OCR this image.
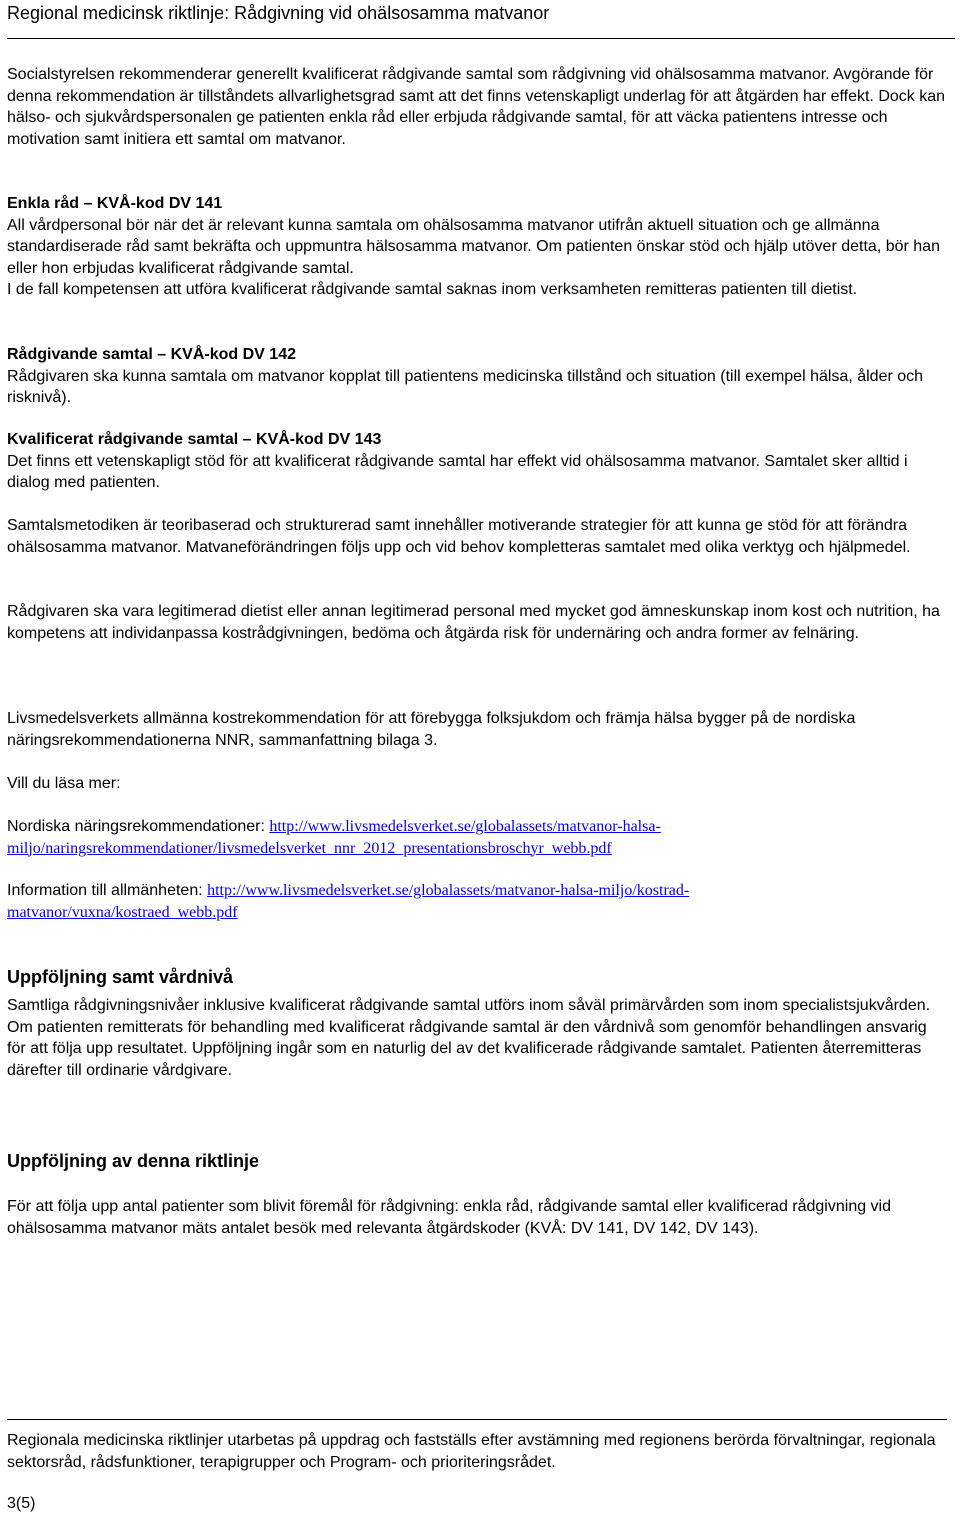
Regional medicinsk riktlinje: Rådgivning vid ohälsosamma matvanor

Socialstyrelsen rekommenderar generellt kvalificerat rådgivande samtal som rådgivning vid ohälsosamma matvanor. Avgörande för denna rekommendation är tillståndets allvarlighetsgrad samt att det finns vetenskapligt underlag för att åtgärden har effekt. Dock kan hälso- och sjukvårdspersonalen ge patienten enkla råd eller erbjuda rådgivande samtal, för att väcka patientens intresse och motivation samt initiera ett samtal om matvanor.

Enkla råd – KVÅ-kod DV 141

All vårdpersonal bör när det är relevant kunna samtala om ohälsosamma matvanor utifrån aktuell situation och ge allmänna standardiserade råd samt bekräfta och uppmuntra hälsosamma matvanor. Om patienten önskar stöd och hjälp utöver detta, bör han eller hon erbjudas kvalificerat rådgivande samtal.

I de fall kompetensen att utföra kvalificerat rådgivande samtal saknas inom verksamheten remitteras patienten till dietist.

Rådgivande samtal – KVÅ-kod DV 142

Rådgivaren ska kunna samtala om matvanor kopplat till patientens medicinska tillstånd och situation (till exempel hälsa, ålder och risknivå).

Kvalificerat rådgivande samtal – KVÅ-kod DV 143

Det finns ett vetenskapligt stöd för att kvalificerat rådgivande samtal har effekt vid ohälsosamma matvanor. Samtalet sker alltid i dialog med patienten.

Samtalsmetodiken är teoribaserad och strukturerad samt innehåller motiverande strategier för att kunna ge stöd för att förändra ohälsosamma matvanor. Matvaneförändringen följs upp och vid behov kompletteras samtalet med olika verktyg och hjälpmedel.

Rådgivaren ska vara legitimerad dietist eller annan legitimerad personal med mycket god ämneskunskap inom kost och nutrition, ha kompetens att individanpassa kostrådgivningen, bedöma och åtgärda risk för undernäring och andra former av felnäring.

Livsmedelsverkets allmänna kostrekommendation för att förebygga folksjukdom och främja hälsa bygger på de nordiska näringsrekommendationerna NNR, sammanfattning bilaga 3.

Vill du läsa mer:

Nordiska näringsrekommendationer: http://www.livsmedelsverket.se/globalassets/matvanor-halsa-

miljo/naringsrekommendationer/livsmedelsverket_nnr_2012_presentationsbroschyr_webb.pdf

Information till allmänheten: http://www.livsmedelsverket.se/globalassets/matvanor-halsa-miljo/kostrad-

matvanor/vuxna/kostraed_webb.pdf

Uppföljning samt vårdnivå

Samtliga rådgivningsnivåer inklusive kvalificerat rådgivande samtal utförs inom såväl primärvården som inom specialistsjukvården.

Om patienten remitterats för behandling med kvalificerat rådgivande samtal är den vårdnivå som genomför behandlingen ansvarig för att följa upp resultatet. Uppföljning ingår som en naturlig del av det kvalificerade rådgivande samtalet. Patienten återremitteras därefter till ordinarie vårdgivare.

Uppföljning av denna riktlinje

För att följa upp antal patienter som blivit föremål för rådgivning: enkla råd, rådgivande samtal eller kvalificerad rådgivning vid ohälsosamma matvanor mäts antalet besök med relevanta åtgärdskoder (KVÅ: DV 141, DV 142, DV 143).

Regionala medicinska riktlinjer utarbetas på uppdrag och fastställs efter avstämning med regionens berörda förvaltningar, regionala sektorsråd, rådsfunktioner, terapigrupper och Program- och prioriteringsrådet.

3(5)
